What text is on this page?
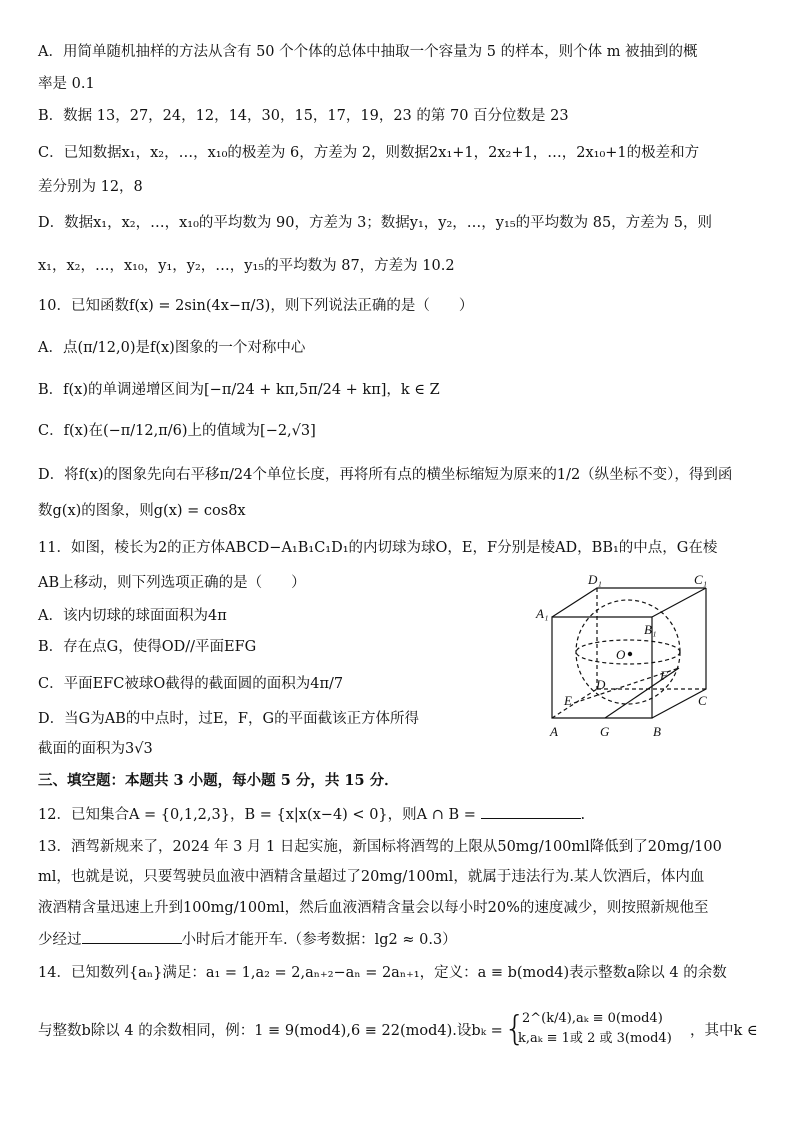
A．用简单随机抽样的方法从含有 50 个个体的总体中抽取一个容量为 5 的样本，则个体 m 被抽到的概
率是 0.1
B．数据 13，27，24，12，14，30，15，17，19，23 的第 70 百分位数是 23
C．已知数据x₁，x₂，…，x₁₀的极差为 6，方差为 2，则数据2x₁+1，2x₂+1，…，2x₁₀+1的极差和方
差分别为 12，8
D．数据x₁，x₂，…，x₁₀的平均数为 90，方差为 3；数据y₁，y₂，…，y₁₅的平均数为 85，方差为 5，则
x₁，x₂，…，x₁₀，y₁，y₂，…，y₁₅的平均数为 87，方差为 10.2
10．已知函数f(x) = 2sin(4x−π/3)，则下列说法正确的是（　　）
A．点(π/12,0)是f(x)图象的一个对称中心
B．f(x)的单调递增区间为[−π/24 + kπ,5π/24 + kπ]，k ∈ Z
C．f(x)在(−π/12,π/6)上的值域为[−2,√3]
D．将f(x)的图象先向右平移π/24个单位长度，再将所有点的横坐标缩短为原来的1/2（纵坐标不变），得到函
数g(x)的图象，则g(x) = cos8x
11．如图，棱长为2的正方体ABCD−A₁B₁C₁D₁的内切球为球O，E，F分别是棱AD，BB₁的中点，G在棱
AB上移动，则下列选项正确的是（　　）
A．该内切球的球面面积为4π
B．存在点G，使得OD//平面EFG
C．平面EFC被球O截得的截面圆的面积为4π/7
D．当G为AB的中点时，过E，F，G的平面截该正方体所得
截面的面积为3√3
三、填空题：本题共 3 小题，每小题 5 分，共 15 分．
12．已知集合A = {0,1,2,3}，B = {x|x(x−4) < 0}，则A ∩ B =	.
13．酒驾新规来了，2024 年 3 月 1 日起实施，新国标将酒驾的上限从50mg/100ml降低到了20mg/100
ml，也就是说，只要驾驶员血液中酒精含量超过了20mg/100ml，就属于违法行为.某人饮酒后，体内血
液酒精含量迅速上升到100mg/100ml，然后血液酒精含量会以每小时20%的速度减少，则按照新规他至
少经过	小时后才能开车.（参考数据：lg2 ≈ 0.3）
14．已知数列{aₙ}满足：a₁ = 1,a₂ = 2,aₙ₊₂−aₙ = 2aₙ₊₁，定义：a ≡ b(mod4)表示整数a除以 4 的余数
与整数b除以 4 的余数相同，例：1 ≡ 9(mod4),6 ≡ 22(mod4).设bₖ = {
2^(k/4),aₖ ≡ 0(mod4)
k,aₖ ≡ 1或 2 或 3(mod4) ，其中k ∈
D₁	C₁
A₁
B₁
O
D
F
E	C
A	G	B
